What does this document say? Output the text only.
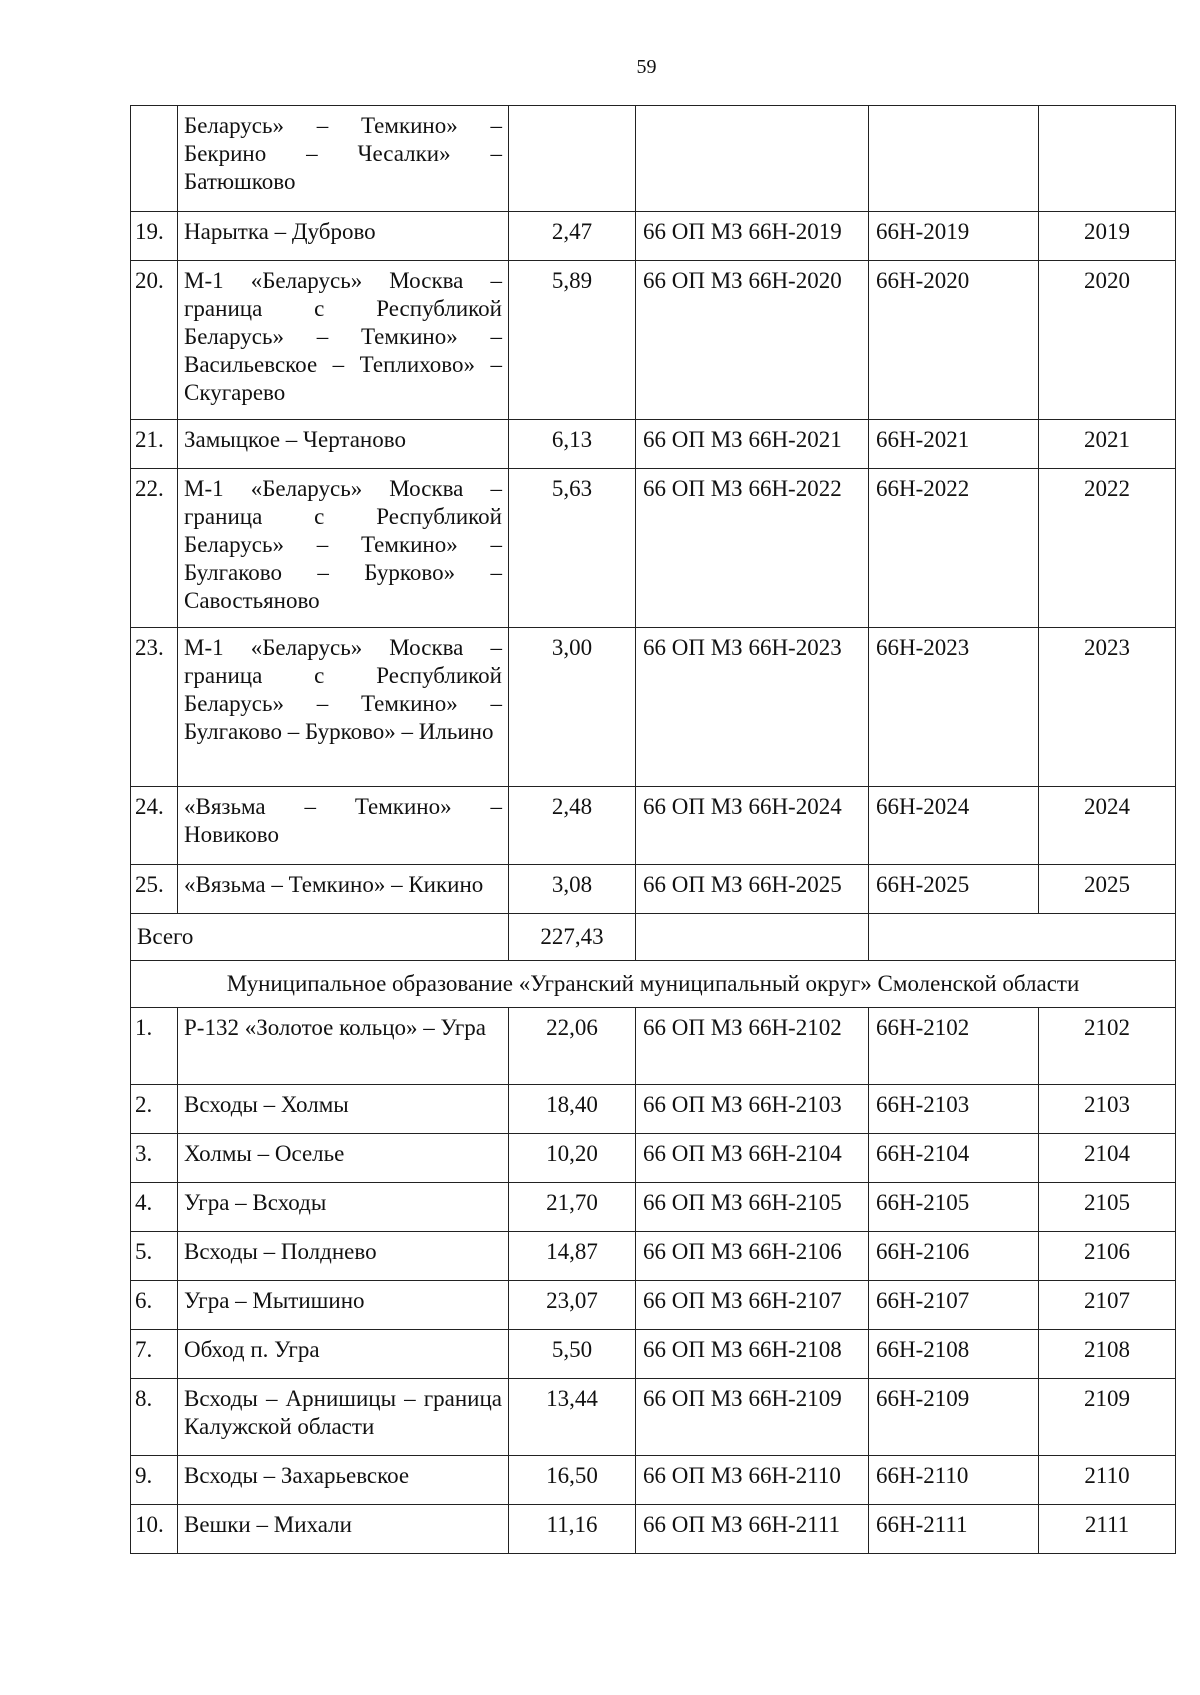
59
	Беларусь» – Темкино» – Бекрино – Чесалки» – Батюшково				
19.	Нарытка – Дуброво	2,47	66 ОП МЗ 66Н-2019	66Н-2019	2019
20.	М-1 «Беларусь» Москва – граница с Республикой Беларусь» – Темкино» – Васильевское – Теплихово» – Скугарево	5,89	66 ОП МЗ 66Н-2020	66Н-2020	2020
21.	Замыцкое – Чертаново	6,13	66 ОП МЗ 66Н-2021	66Н-2021	2021
22.	М-1 «Беларусь» Москва – граница с Республикой Беларусь» – Темкино» – Булгаково – Бурково» – Савостьяново	5,63	66 ОП МЗ 66Н-2022	66Н-2022	2022
23.	М-1 «Беларусь» Москва – граница с Республикой Беларусь» – Темкино» – Булгаково – Бурково» – Ильино	3,00	66 ОП МЗ 66Н-2023	66Н-2023	2023
24.	«Вязьма – Темкино» – Новиково	2,48	66 ОП МЗ 66Н-2024	66Н-2024	2024
25.	«Вязьма – Темкино» – Кикино	3,08	66 ОП МЗ 66Н-2025	66Н-2025	2025
Всего		227,43			
Муниципальное образование «Угранский муниципальный округ» Смоленской области					
1.	Р-132 «Золотое кольцо» – Угра	22,06	66 ОП МЗ 66Н-2102	66Н-2102	2102
2.	Всходы – Холмы	18,40	66 ОП МЗ 66Н-2103	66Н-2103	2103
3.	Холмы – Оселье	10,20	66 ОП МЗ 66Н-2104	66Н-2104	2104
4.	Угра – Всходы	21,70	66 ОП МЗ 66Н-2105	66Н-2105	2105
5.	Всходы – Полднево	14,87	66 ОП МЗ 66Н-2106	66Н-2106	2106
6.	Угра – Мытишино	23,07	66 ОП МЗ 66Н-2107	66Н-2107	2107
7.	Обход п. Угра	5,50	66 ОП МЗ 66Н-2108	66Н-2108	2108
8.	Всходы – Арнишицы – граница Калужской области	13,44	66 ОП МЗ 66Н-2109	66Н-2109	2109
9.	Всходы – Захарьевское	16,50	66 ОП МЗ 66Н-2110	66Н-2110	2110
10.	Вешки – Михали	11,16	66 ОП МЗ 66Н-2111	66Н-2111	2111
